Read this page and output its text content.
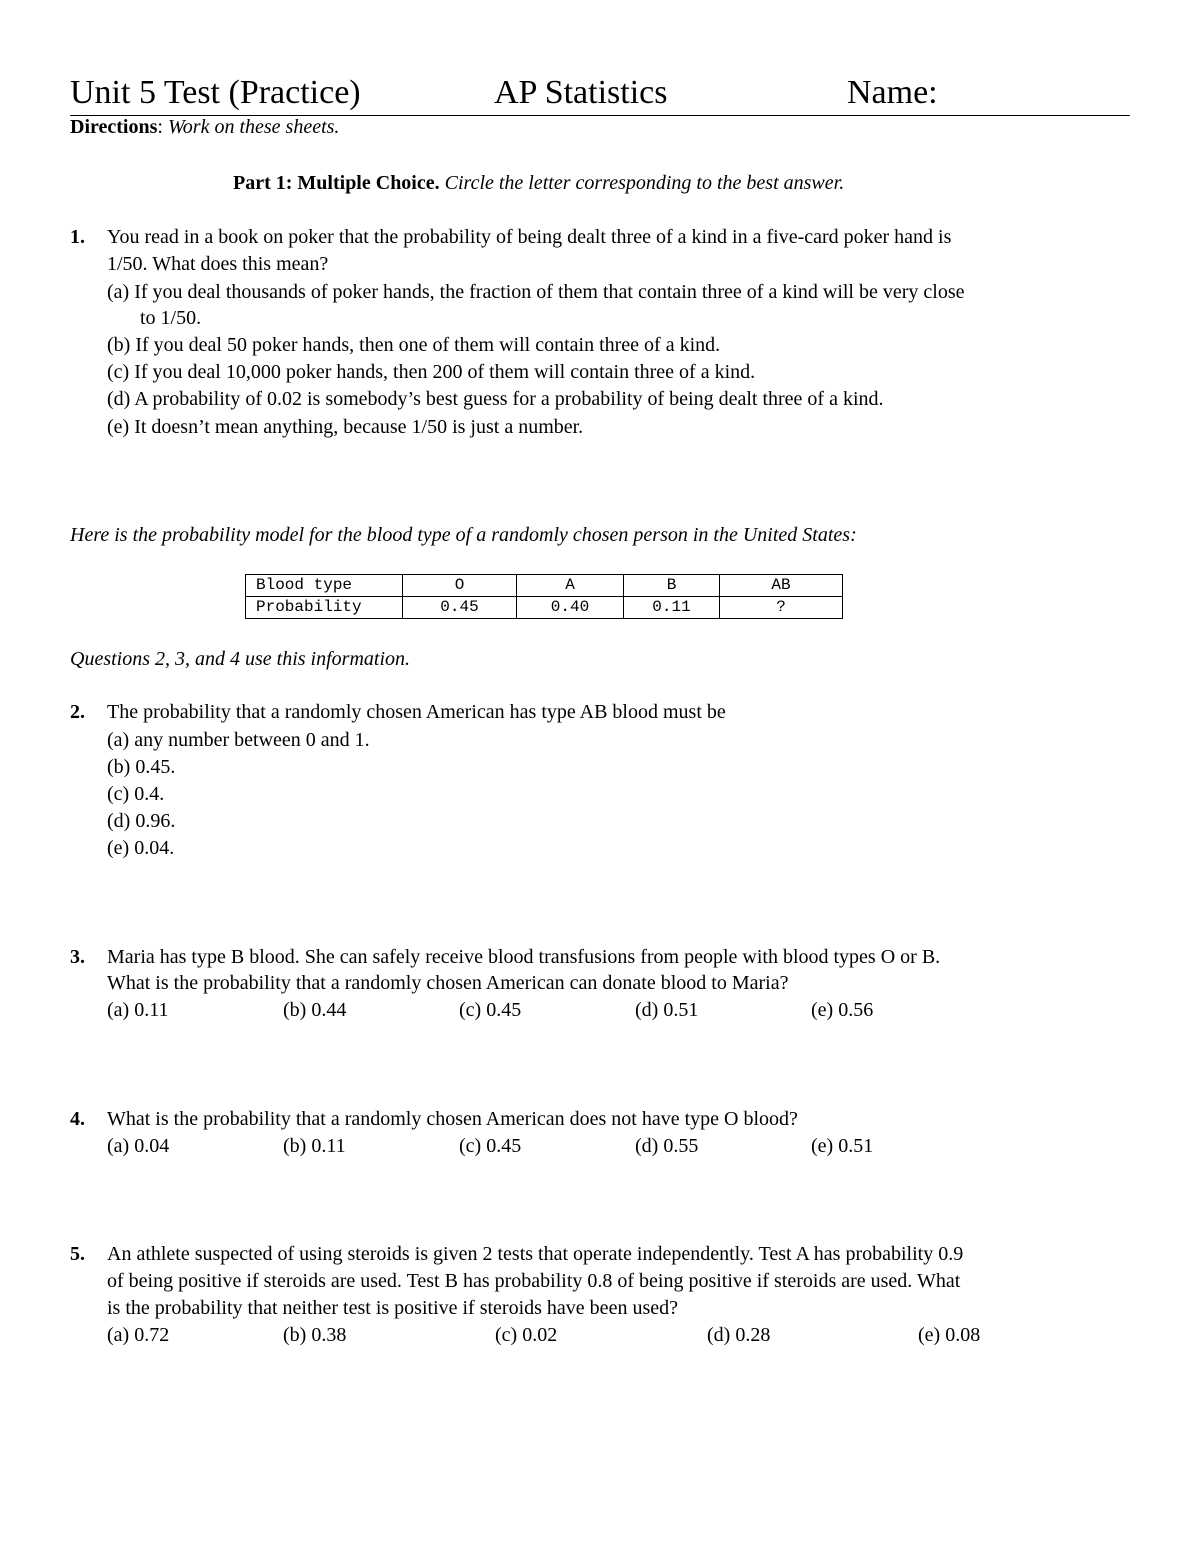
Unit 5 Test (Practice)	AP Statistics	Name:
Directions: Work on these sheets.
Part 1: Multiple Choice. Circle the letter corresponding to the best answer.
1. You read in a book on poker that the probability of being dealt three of a kind in a five-card poker hand is
1/50. What does this mean?
(a) If you deal thousands of poker hands, the fraction of them that contain three of a kind will be very close
to 1/50.
(b) If you deal 50 poker hands, then one of them will contain three of a kind.
(c) If you deal 10,000 poker hands, then 200 of them will contain three of a kind.
(d) A probability of 0.02 is somebody’s best guess for a probability of being dealt three of a kind.
(e) It doesn’t mean anything, because 1/50 is just a number.
Here is the probability model for the blood type of a randomly chosen person in the United States:
Blood type	O	A	B	AB
Probability	0.45	0.40	0.11	?
Questions 2, 3, and 4 use this information.
2. The probability that a randomly chosen American has type AB blood must be
(a) any number between 0 and 1.
(b) 0.45.
(c) 0.4.
(d) 0.96.
(e) 0.04.
3. Maria has type B blood. She can safely receive blood transfusions from people with blood types O or B.
What is the probability that a randomly chosen American can donate blood to Maria?
(a) 0.11	(b) 0.44	(c) 0.45	(d) 0.51	(e) 0.56
4. What is the probability that a randomly chosen American does not have type O blood?
(a) 0.04	(b) 0.11	(c) 0.45	(d) 0.55	(e) 0.51
5. An athlete suspected of using steroids is given 2 tests that operate independently. Test A has probability 0.9
of being positive if steroids are used. Test B has probability 0.8 of being positive if steroids are used. What
is the probability that neither test is positive if steroids have been used?
(a) 0.72	(b) 0.38	(c) 0.02	(d) 0.28	(e) 0.08
